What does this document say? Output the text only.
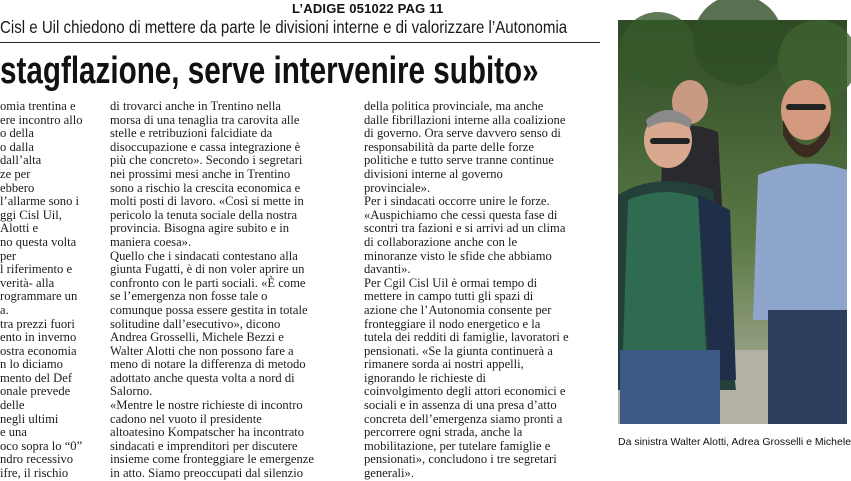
L’ADIGE 051022 PAG 11
Cisl e Uil chiedono di mettere da parte le divisioni interne e di valorizzare l’Autonomia
stagflazione, serve intervenire subito»

omia trentina e

ere incontro allo

o della

o dalla

dall’alta

ze per

ebbero

l’allarme sono i

ggi Cisl Uil,

Alotti e

no questa volta

per

l riferimento e

verità- alla

rogrammare un

a.

tra prezzi fuori

ento in inverno

ostra economia

n lo diciamo

mento del Def

onale prevede

delle

negli ultimi

e una

oco sopra lo “0”

ndro recessivo

ifre, il rischio

di trovarci anche in Trentino nella

morsa di una tenaglia tra carovita alle

stelle e retribuzioni falcidiate da

disoccupazione e cassa integrazione è

più che concreto». Secondo i segretari

nei prossimi mesi anche in Trentino

sono a rischio la crescita economica e

molti posti di lavoro. «Così si mette in

pericolo la tenuta sociale della nostra

provincia. Bisogna agire subito e in

maniera coesa».

Quello che i sindacati contestano alla

giunta Fugatti, è di non voler aprire un

confronto con le parti sociali. «È come

se l’emergenza non fosse tale o

comunque possa essere gestita in totale

solitudine dall’esecutivo», dicono

Andrea Grosselli, Michele Bezzi e

Walter Alotti che non possono fare a

meno di notare la differenza di metodo

adottato anche questa volta a nord di

Salorno.

«Mentre le nostre richieste di incontro

cadono nel vuoto il presidente

altoatesino Kompatscher ha incontrato

sindacati e imprenditori per discutere

insieme come fronteggiare le emergenze

in atto. Siamo preoccupati dal silenzio

della politica provinciale, ma anche

dalle fibrillazioni interne alla coalizione

di governo. Ora serve davvero senso di

responsabilità da parte delle forze

politiche e tutto serve tranne continue

divisioni interne al governo

provinciale».

Per i sindacati occorre unire le forze.

«Auspichiamo che cessi questa fase di

scontri tra fazioni e si arrivi ad un clima

di collaborazione anche con le

minoranze visto le sfide che abbiamo

davanti».

Per Cgil Cisl Uil è ormai tempo di

mettere in campo tutti gli spazi di

azione che l’Autonomia consente per

fronteggiare il nodo energetico e la

tutela dei redditi di famiglie, lavoratori e

pensionati. «Se la giunta continuerà a

rimanere sorda ai nostri appelli,

ignorando le richieste di

coinvolgimento degli attori economici e

sociali e in assenza di una presa d’atto

concreta dell’emergenza siamo pronti a

percorrere ogni strada, anche la

mobilitazione, per tutelare famiglie e

pensionati», concludono i tre segretari

generali».

Da sinistra Walter Alotti, Adrea Grosselli e Michele
